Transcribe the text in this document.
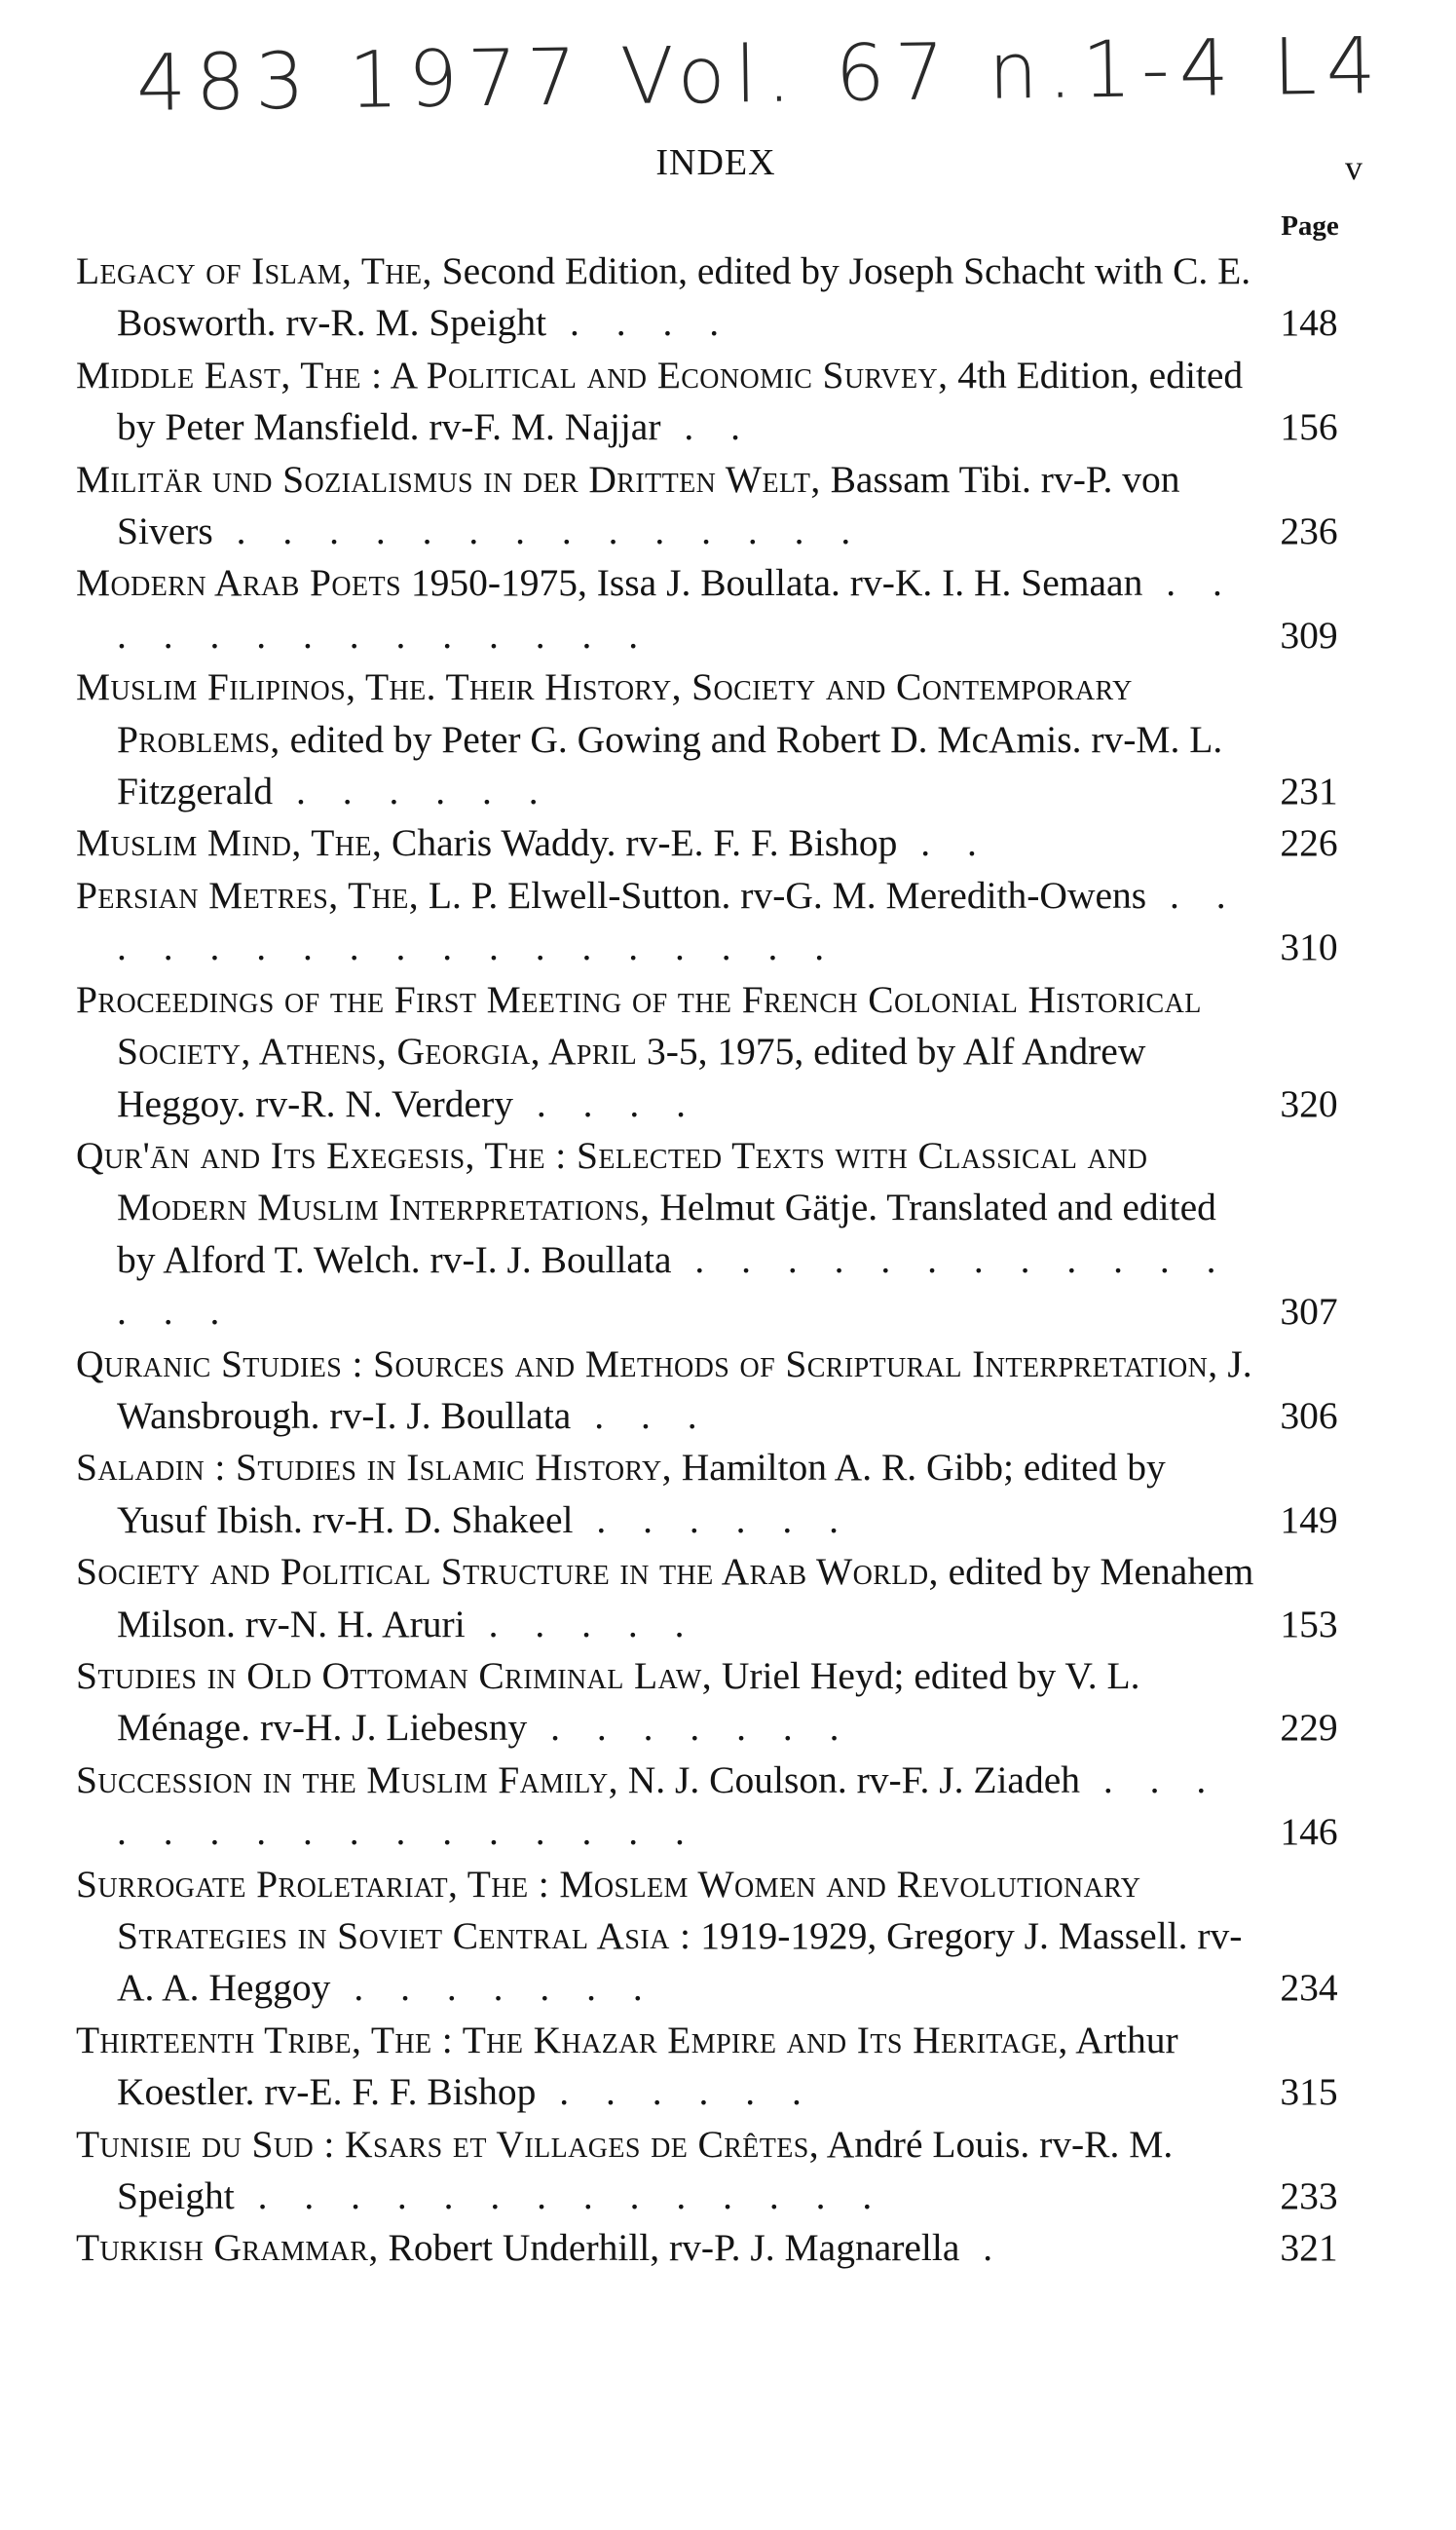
483 1977 Vol. 67 n.1-4 L4
INDEX	v
Page
Legacy of Islam, The, Second Edition, edited by Joseph Schacht with C. E. Bosworth. rv-R. M. Speight . . . .	148
Middle East, The : A Political and Economic Survey, 4th Edition, edited by Peter Mansfield. rv-F. M. Najjar . .	156
Militär und Sozialismus in der Dritten Welt, Bassam Tibi. rv-P. von Sivers . . . . . . . . . . . . . .	236
Modern Arab Poets 1950-1975, Issa J. Boullata. rv-K. I. H. Semaan . . . . . . . . . . . . . .	309
Muslim Filipinos, The. Their History, Society and Contemporary Problems, edited by Peter G. Gowing and Robert D. McAmis. rv-M. L. Fitzgerald . . . . . .	231
Muslim Mind, The, Charis Waddy. rv-E. F. F. Bishop . .	226
Persian Metres, The, L. P. Elwell-Sutton. rv-G. M. Meredith-Owens . . . . . . . . . . . . . . . . . .	310
Proceedings of the First Meeting of the French Colonial Historical Society, Athens, Georgia, April 3-5, 1975, edited by Alf Andrew Heggoy. rv-R. N. Verdery . . . .	320
Qur'ān and Its Exegesis, The : Selected Texts with Classical and Modern Muslim Interpretations, Helmut Gätje. Translated and edited by Alford T. Welch. rv-I. J. Boullata . . . . . . . . . . . . . . .	307
Quranic Studies : Sources and Methods of Scriptural Interpretation, J. Wansbrough. rv-I. J. Boullata . . .	306
Saladin : Studies in Islamic History, Hamilton A. R. Gibb; edited by Yusuf Ibish. rv-H. D. Shakeel . . . . . .	149
Society and Political Structure in the Arab World, edited by Menahem Milson. rv-N. H. Aruri . . . . .	153
Studies in Old Ottoman Criminal Law, Uriel Heyd; edited by V. L. Ménage. rv-H. J. Liebesny . . . . . . .	229
Succession in the Muslim Family, N. J. Coulson. rv-F. J. Ziadeh . . . . . . . . . . . . . . . .	146
Surrogate Proletariat, The : Moslem Women and Revolutionary Strategies in Soviet Central Asia : 1919-1929, Gregory J. Massell. rv-A. A. Heggoy . . . . . . .	234
Thirteenth Tribe, The : The Khazar Empire and Its Heritage, Arthur Koestler. rv-E. F. F. Bishop . . . . . .	315
Tunisie du Sud : Ksars et Villages de Crêtes, André Louis. rv-R. M. Speight . . . . . . . . . . . . . .	233
Turkish Grammar, Robert Underhill, rv-P. J. Magnarella .	321
